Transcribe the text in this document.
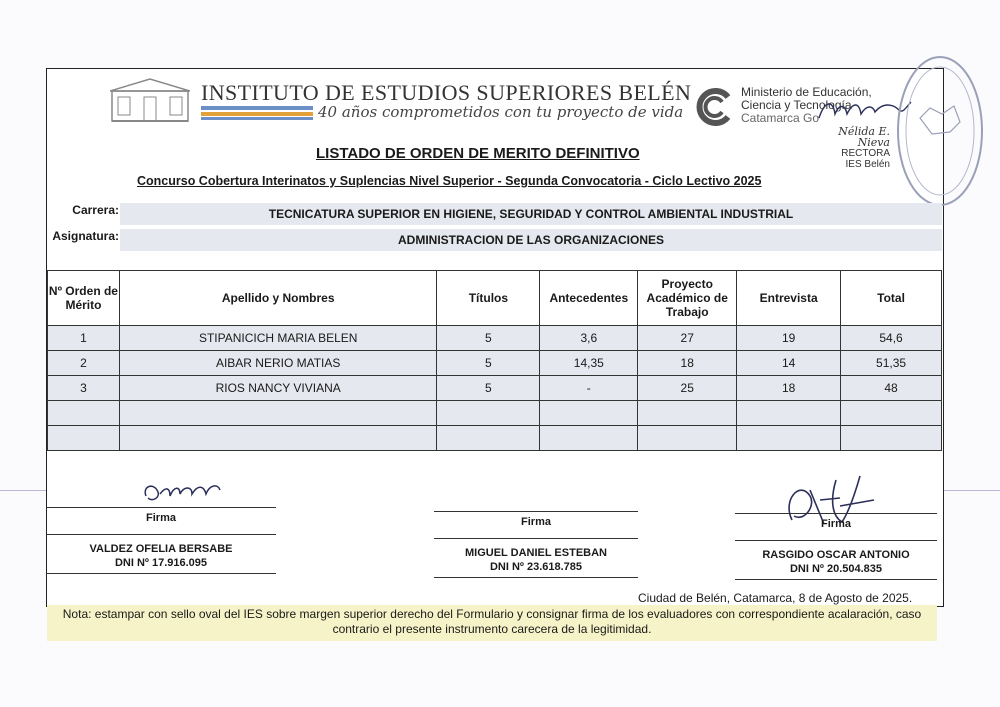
INSTITUTO DE ESTUDIOS SUPERIORES BELÉN
40 años comprometidos con tu proyecto de vida
Ministerio de Educación,
Ciencia y Tecnología
Catamarca Go
Nélida E. Nieva
RECTORA
IES Belén
LISTADO DE ORDEN DE MERITO DEFINITIVO
Concurso Cobertura Interinatos y Suplencias Nivel Superior - Segunda Convocatoria - Ciclo Lectivo 2025
Carrera:	TECNICATURA SUPERIOR EN HIGIENE, SEGURIDAD Y CONTROL AMBIENTAL INDUSTRIAL
Asignatura:	ADMINISTRACION DE LAS ORGANIZACIONES
Nº Orden de Mérito	Apellido y Nombres	Títulos	Antecedentes	Proyecto Académico de Trabajo	Entrevista	Total
1	STIPANICICH MARIA BELEN	5	3,6	27	19	54,6
2	AIBAR NERIO MATIAS	5	14,35	18	14	51,35
3	RIOS NANCY VIVIANA	5	-	25	18	48

Firma
VALDEZ OFELIA BERSABE
DNI Nº 17.916.095
Firma
MIGUEL DANIEL ESTEBAN
DNI Nº 23.618.785
Firma
RASGIDO OSCAR ANTONIO
DNI Nº 20.504.835
Ciudad de Belén, Catamarca, 8 de Agosto de 2025.
Nota: estampar con sello oval del IES sobre margen superior derecho del Formulario y consignar firma de los evaluadores con correspondiente acalaración, caso contrario el presente instrumento carecera de la legitimidad.
